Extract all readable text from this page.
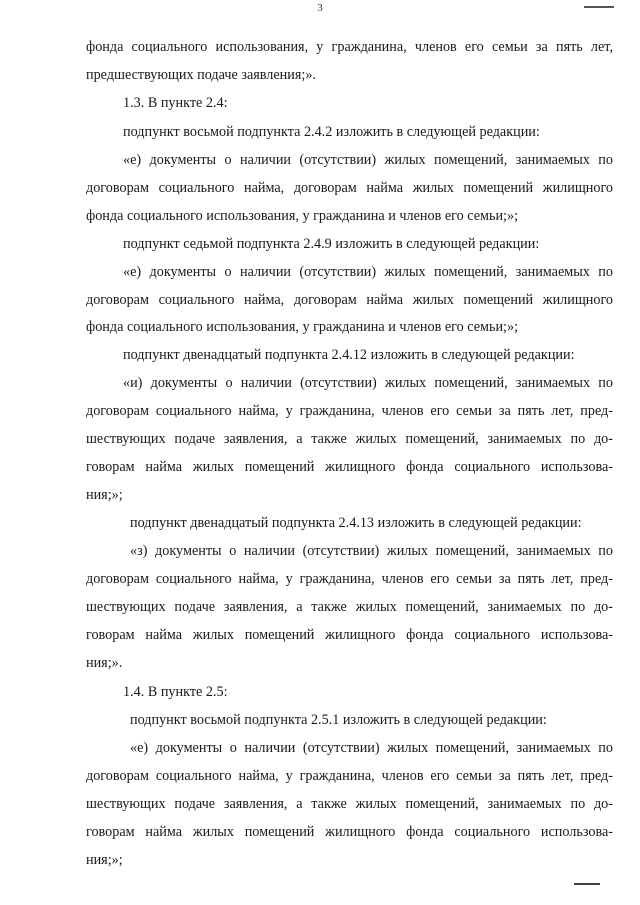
3
фонда социального использования, у гражданина, членов его семьи за пять лет,
предшествующих подаче заявления;».
1.3. В пункте 2.4:
подпункт восьмой подпункта 2.4.2 изложить в следующей редакции:
«е) документы о наличии (отсутствии) жилых помещений, занимаемых по
договорам социального найма, договорам найма жилых помещений жилищного
фонда социального использования, у гражданина и членов его семьи;»;
подпункт седьмой подпункта 2.4.9 изложить в следующей редакции:
«е) документы о наличии (отсутствии) жилых помещений, занимаемых по
договорам социального найма, договорам найма жилых помещений жилищного
фонда социального использования, у гражданина и членов его семьи;»;
подпункт двенадцатый подпункта 2.4.12 изложить в следующей редакции:
«и) документы о наличии (отсутствии) жилых помещений, занимаемых по
договорам социального найма, у гражданина, членов его семьи за пять лет, пред-
шествующих подаче заявления, а также жилых помещений, занимаемых по до-
говорам найма жилых помещений жилищного фонда социального использова-
ния;»;
подпункт двенадцатый подпункта 2.4.13 изложить в следующей редакции:
«з) документы о наличии (отсутствии) жилых помещений, занимаемых по
договорам социального найма, у гражданина, членов его семьи за пять лет, пред-
шествующих подаче заявления, а также жилых помещений, занимаемых по до-
говорам найма жилых помещений жилищного фонда социального использова-
ния;».
1.4. В пункте 2.5:
подпункт восьмой подпункта 2.5.1 изложить в следующей редакции:
«е) документы о наличии (отсутствии) жилых помещений, занимаемых по
договорам социального найма, у гражданина, членов его семьи за пять лет, пред-
шествующих подаче заявления, а также жилых помещений, занимаемых по до-
говорам найма жилых помещений жилищного фонда социального использова-
ния;»;
